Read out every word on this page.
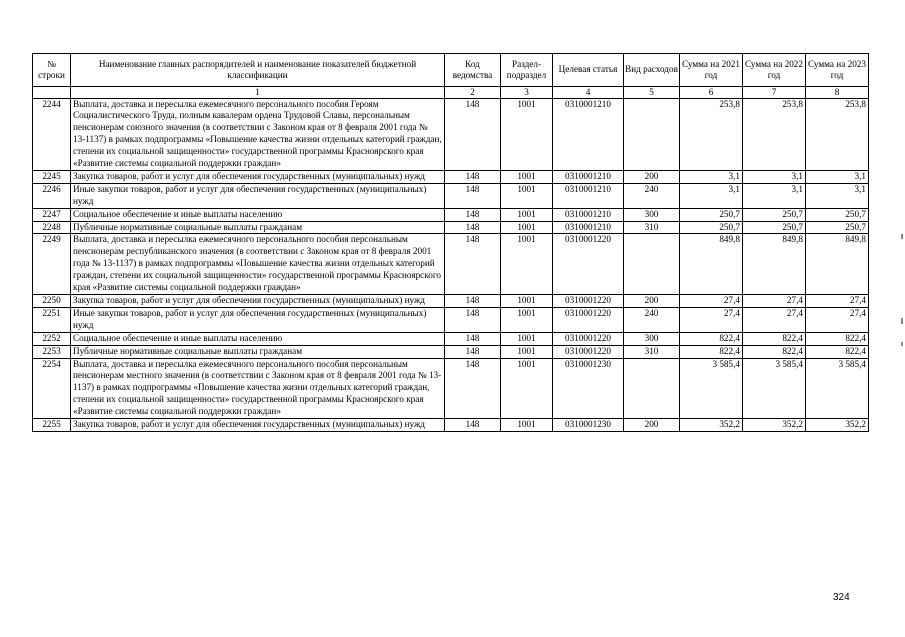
№ строки	Наименование главных распорядителей и наименование показателей бюджетной классификации	Код ведомства	Раздел-подраздел	Целевая статья	Вид расходов	Сумма на 2021 год	Сумма на 2022 год	Сумма на 2023 год
	1	2	3	4	5	6	7	8
2244	Выплата, доставка и пересылка ежемесячного персонального пособия Героям Социалистического Труда, полным кавалерам ордена Трудовой Славы, персональным пенсионерам союзного значения (в соответствии с Законом края от 8 февраля 2001 года № 13-1137) в рамках подпрограммы «Повышение качества жизни отдельных категорий граждан, степени их социальной защищенности» государственной программы Красноярского края «Развитие системы социальной поддержки граждан»	148	1001	0310001210		253,8	253,8	253,8
2245	Закупка товаров, работ и услуг для обеспечения государственных (муниципальных) нужд	148	1001	0310001210	200	3,1	3,1	3,1
2246	Иные закупки товаров, работ и услуг для обеспечения государственных (муниципальных) нужд	148	1001	0310001210	240	3,1	3,1	3,1
2247	Социальное обеспечение и иные выплаты населению	148	1001	0310001210	300	250,7	250,7	250,7
2248	Публичные нормативные социальные выплаты гражданам	148	1001	0310001210	310	250,7	250,7	250,7
2249	Выплата, доставка и пересылка ежемесячного персонального пособия персональным пенсионерам республиканского значения (в соответствии с Законом края от 8 февраля 2001 года № 13-1137) в рамках подпрограммы «Повышение качества жизни отдельных категорий граждан, степени их социальной защищенности» государственной программы Красноярского края «Развитие системы социальной поддержки граждан»	148	1001	0310001220		849,8	849,8	849,8
2250	Закупка товаров, работ и услуг для обеспечения государственных (муниципальных) нужд	148	1001	0310001220	200	27,4	27,4	27,4
2251	Иные закупки товаров, работ и услуг для обеспечения государственных (муниципальных) нужд	148	1001	0310001220	240	27,4	27,4	27,4
2252	Социальное обеспечение и иные выплаты населению	148	1001	0310001220	300	822,4	822,4	822,4
2253	Публичные нормативные социальные выплаты гражданам	148	1001	0310001220	310	822,4	822,4	822,4
2254	Выплата, доставка и пересылка ежемесячного персонального пособия персональным пенсионерам местного значения (в соответствии с Законом края от 8 февраля 2001 года № 13-1137) в рамках подпрограммы «Повышение качества жизни отдельных категорий граждан, степени их социальной защищенности» государственной программы Красноярского края «Развитие системы социальной поддержки граждан»	148	1001	0310001230		3 585,4	3 585,4	3 585,4
2255	Закупка товаров, работ и услуг для обеспечения государственных (муниципальных) нужд	148	1001	0310001230	200	352,2	352,2	352,2
324
